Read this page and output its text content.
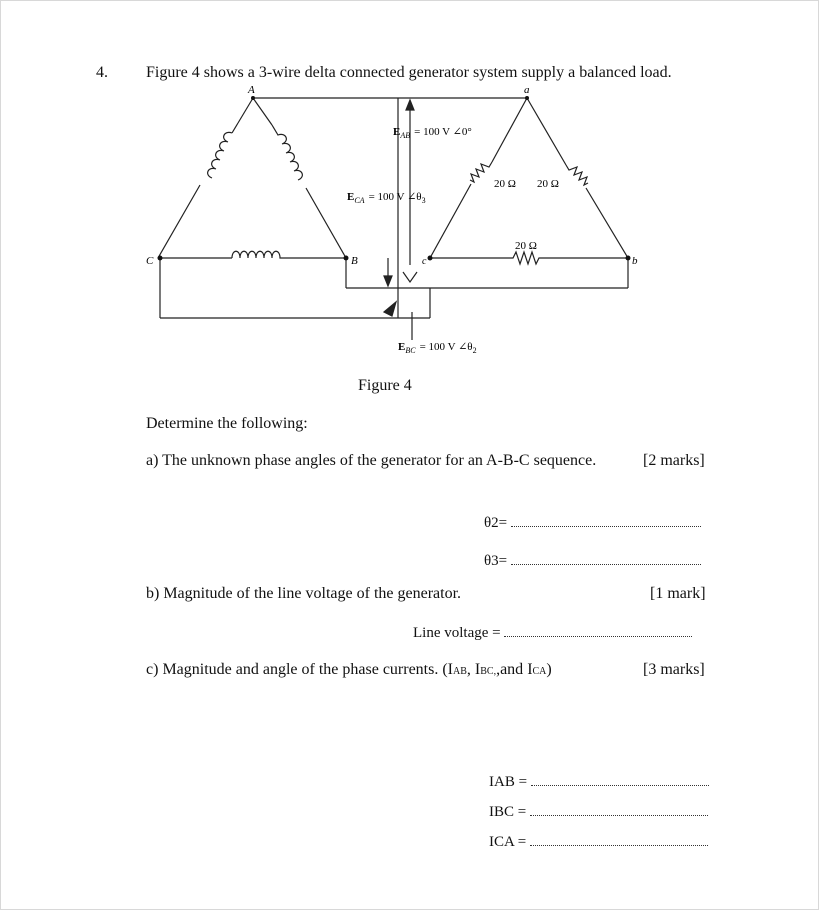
4. Figure 4 shows a 3-wire delta connected generator system supply a balanced load.
A	a
C	B	c	b
$E_{AB} = 100$ V ∠0°
$E_{CA} = 100$ V $\angle\theta_3$
$E_{BC} = 100$ V $\angle\theta_2$
20 Ω 20 Ω
20 Ω
Figure 4
Determine the following:
a) The unknown phase angles of the generator for an A-B-C sequence.	[2 marks]
θ2=
θ3=
b) Magnitude of the line voltage of the generator.	[1 mark]
Line voltage =
c) Magnitude and angle of the phase currents. (IAB, IBC,,and ICA)	[3 marks]
IAB =
IBC =
ICA =
